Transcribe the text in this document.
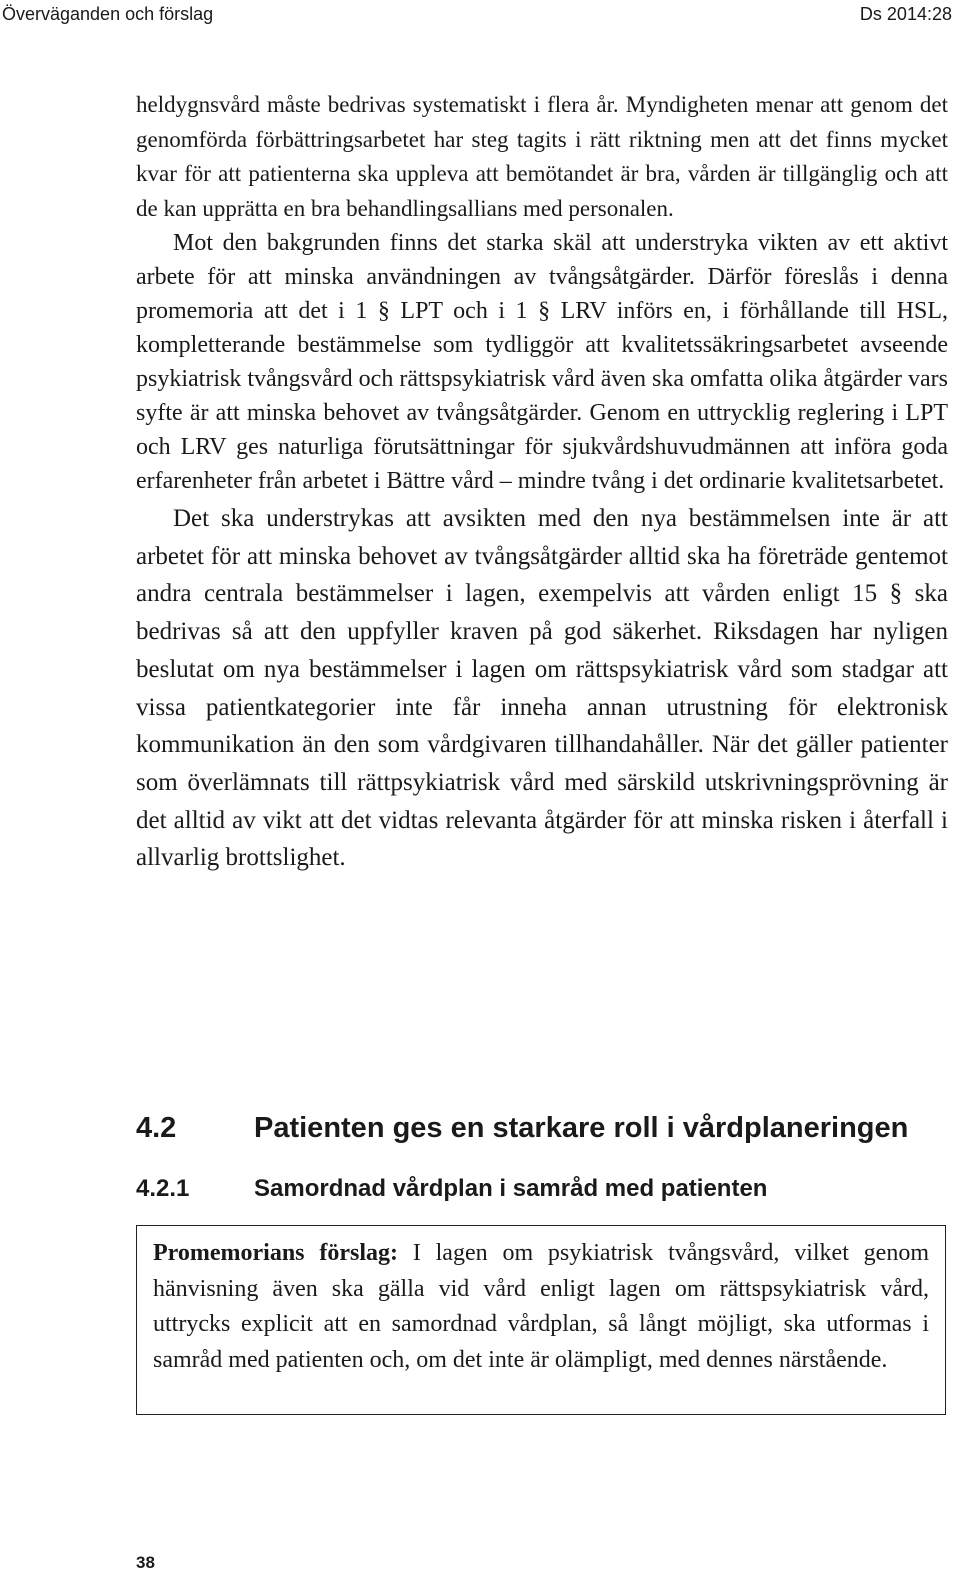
Överväganden och förslag	Ds 2014:28

heldygnsvård måste bedrivas systematiskt i flera år. Myndigheten menar att genom det genomförda förbättringsarbetet har steg tagits i rätt riktning men att det finns mycket kvar för att patienterna ska uppleva att bemötandet är bra, vården är tillgänglig och att de kan upprätta en bra behandlingsallians med personalen.

Mot den bakgrunden finns det starka skäl att understryka vikten av ett aktivt arbete för att minska användningen av tvångsåtgärder. Därför föreslås i denna promemoria att det i 1 § LPT och i 1 § LRV införs en, i förhållande till HSL, kompletterande bestämmelse som tydliggör att kvalitetssäkringsarbetet avseende psykiatrisk tvångsvård och rättspsykiatrisk vård även ska omfatta olika åtgärder vars syfte är att minska behovet av tvångsåtgärder. Genom en uttrycklig reglering i LPT och LRV ges naturliga förutsättningar för sjukvårdshuvudmännen att införa goda erfarenheter från arbetet i Bättre vård – mindre tvång i det ordinarie kvalitetsarbetet.

Det ska understrykas att avsikten med den nya bestämmelsen inte är att arbetet för att minska behovet av tvångsåtgärder alltid ska ha företräde gentemot andra centrala bestämmelser i lagen, exempelvis att vården enligt 15 § ska bedrivas så att den uppfyller kraven på god säkerhet. Riksdagen har nyligen beslutat om nya bestämmelser i lagen om rättspsykiatrisk vård som stadgar att vissa patientkategorier inte får inneha annan utrustning för elektronisk kommunikation än den som vårdgivaren tillhandahåller. När det gäller patienter som överlämnats till rättpsykiatrisk vård med särskild utskrivningsprövning är det alltid av vikt att det vidtas relevanta åtgärder för att minska risken i återfall i allvarlig brottslighet.

4.2	Patienten ges en starkare roll i vårdplaneringen
4.2.1	Samordnad vårdplan i samråd med patienten

Promemorians förslag: I lagen om psykiatrisk tvångsvård, vilket genom hänvisning även ska gälla vid vård enligt lagen om rättspsykiatrisk vård, uttrycks explicit att en samordnad vårdplan, så långt möjligt, ska utformas i samråd med patienten och, om det inte är olämpligt, med dennes närstående.

38
